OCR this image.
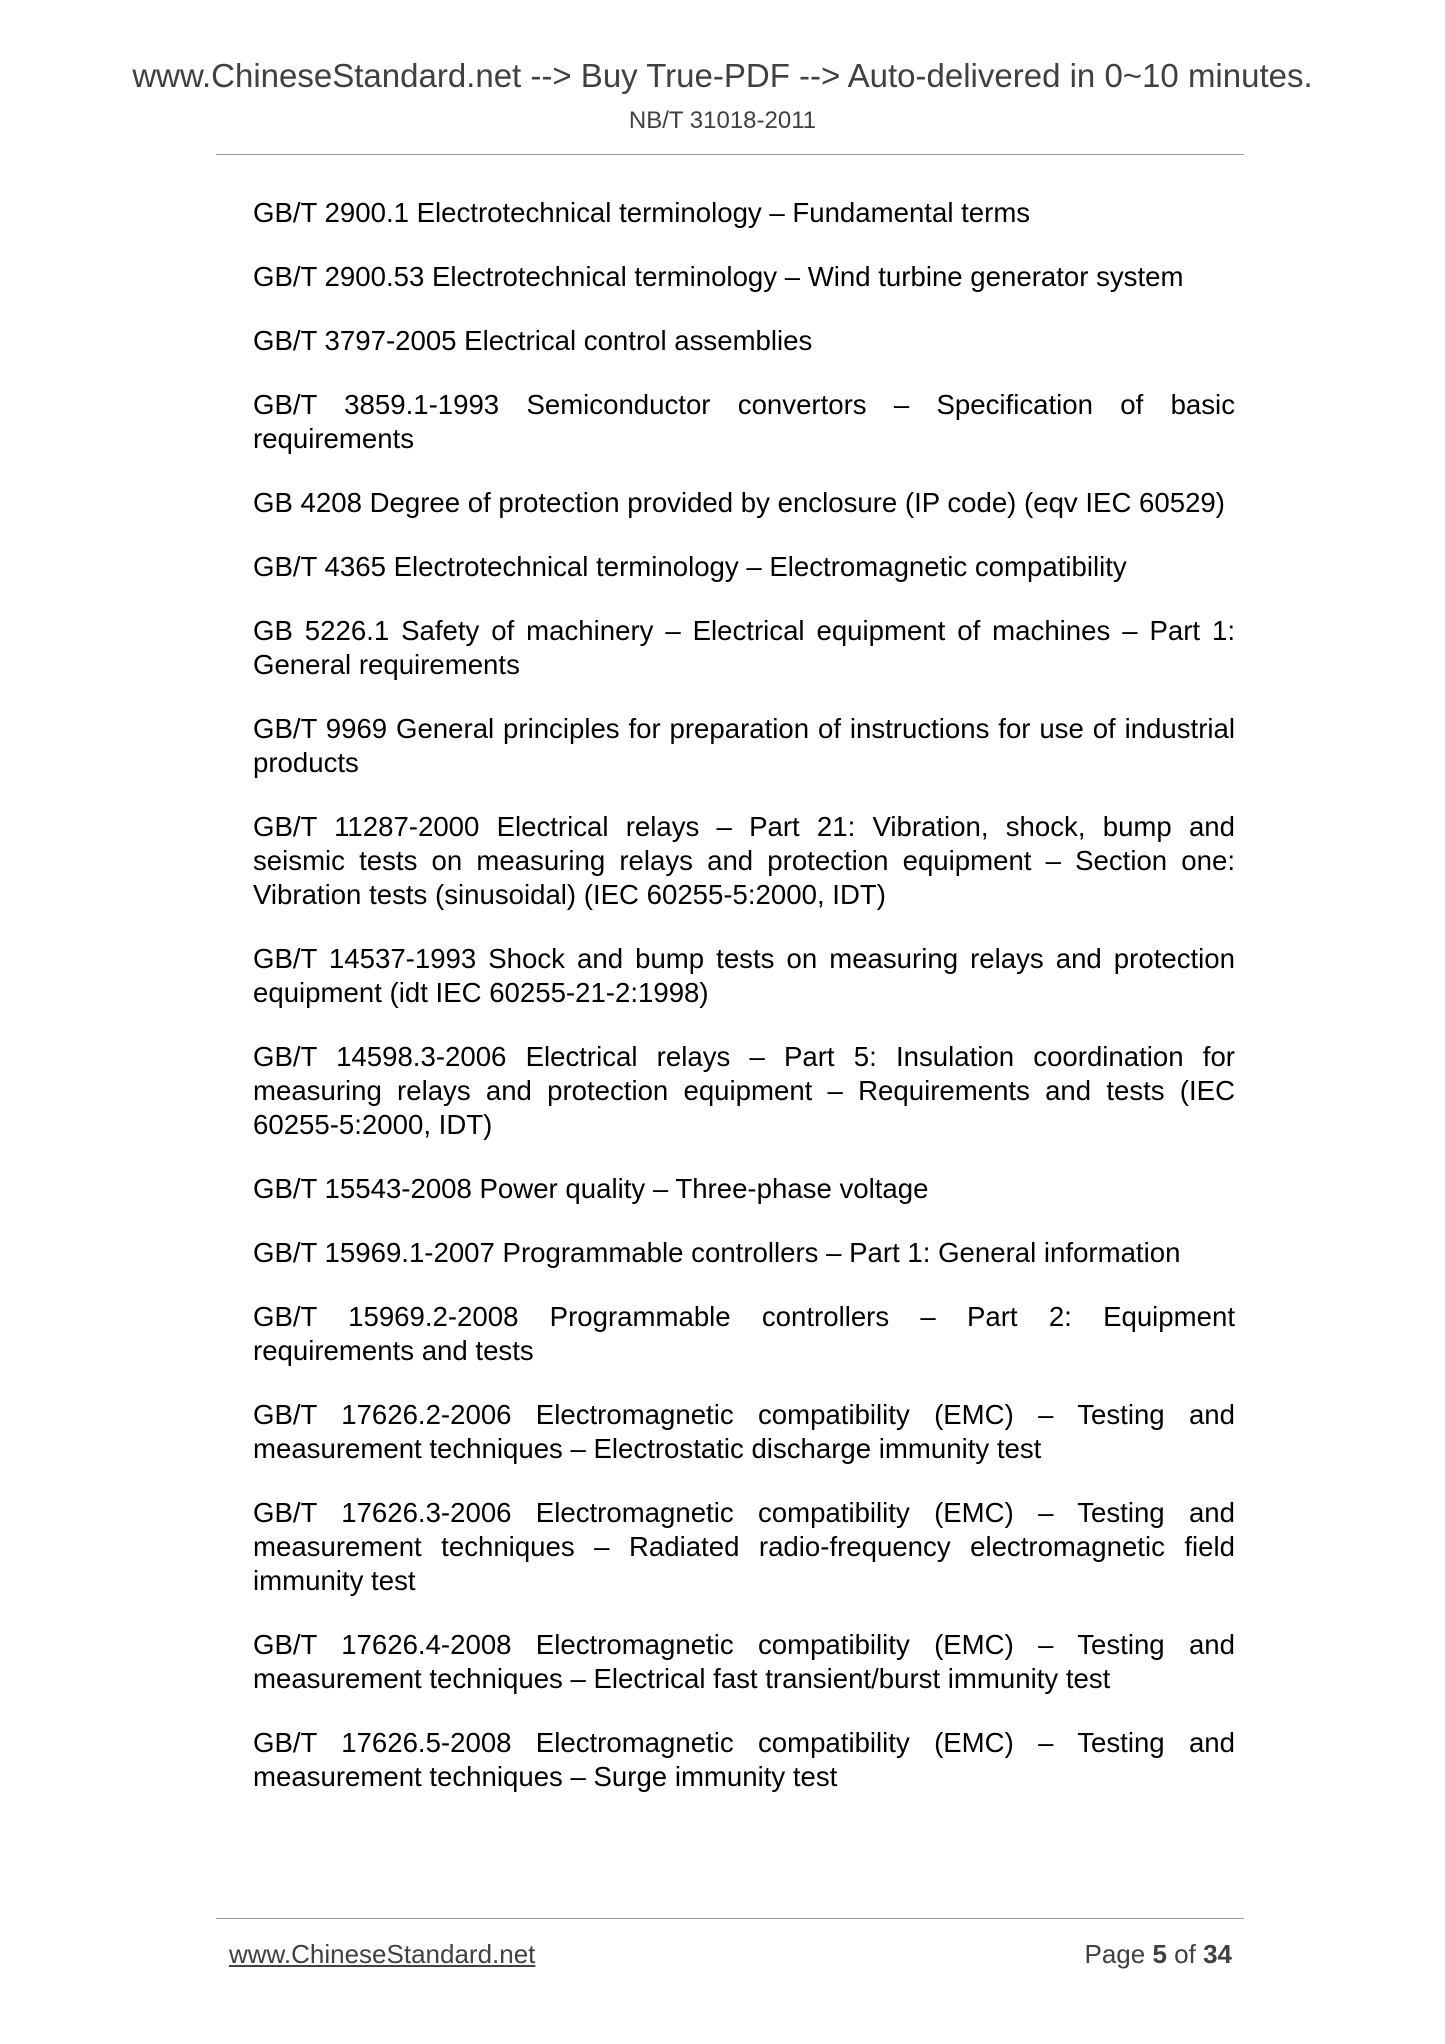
www.ChineseStandard.net --> Buy True-PDF --> Auto-delivered in 0~10 minutes.
NB/T 31018-2011
GB/T 2900.1 Electrotechnical terminology – Fundamental terms
GB/T 2900.53 Electrotechnical terminology – Wind turbine generator system
GB/T 3797-2005 Electrical control assemblies
GB/T 3859.1-1993 Semiconductor convertors – Specification of basic requirements
GB 4208 Degree of protection provided by enclosure (IP code) (eqv IEC 60529)
GB/T 4365 Electrotechnical terminology – Electromagnetic compatibility
GB 5226.1 Safety of machinery – Electrical equipment of machines – Part 1: General requirements
GB/T 9969 General principles for preparation of instructions for use of industrial products
GB/T 11287-2000 Electrical relays – Part 21: Vibration, shock, bump and seismic tests on measuring relays and protection equipment – Section one: Vibration tests (sinusoidal) (IEC 60255-5:2000, IDT)
GB/T 14537-1993 Shock and bump tests on measuring relays and protection equipment (idt IEC 60255-21-2:1998)
GB/T 14598.3-2006 Electrical relays – Part 5: Insulation coordination for measuring relays and protection equipment – Requirements and tests (IEC 60255-5:2000, IDT)
GB/T 15543-2008 Power quality – Three-phase voltage
GB/T 15969.1-2007 Programmable controllers – Part 1: General information
GB/T 15969.2-2008 Programmable controllers – Part 2: Equipment requirements and tests
GB/T 17626.2-2006 Electromagnetic compatibility (EMC) – Testing and measurement techniques – Electrostatic discharge immunity test
GB/T 17626.3-2006 Electromagnetic compatibility (EMC) – Testing and measurement techniques – Radiated radio-frequency electromagnetic field immunity test
GB/T 17626.4-2008 Electromagnetic compatibility (EMC) – Testing and measurement techniques – Electrical fast transient/burst immunity test
GB/T 17626.5-2008 Electromagnetic compatibility (EMC) – Testing and measurement techniques – Surge immunity test
www.ChineseStandard.net	Page 5 of 34
